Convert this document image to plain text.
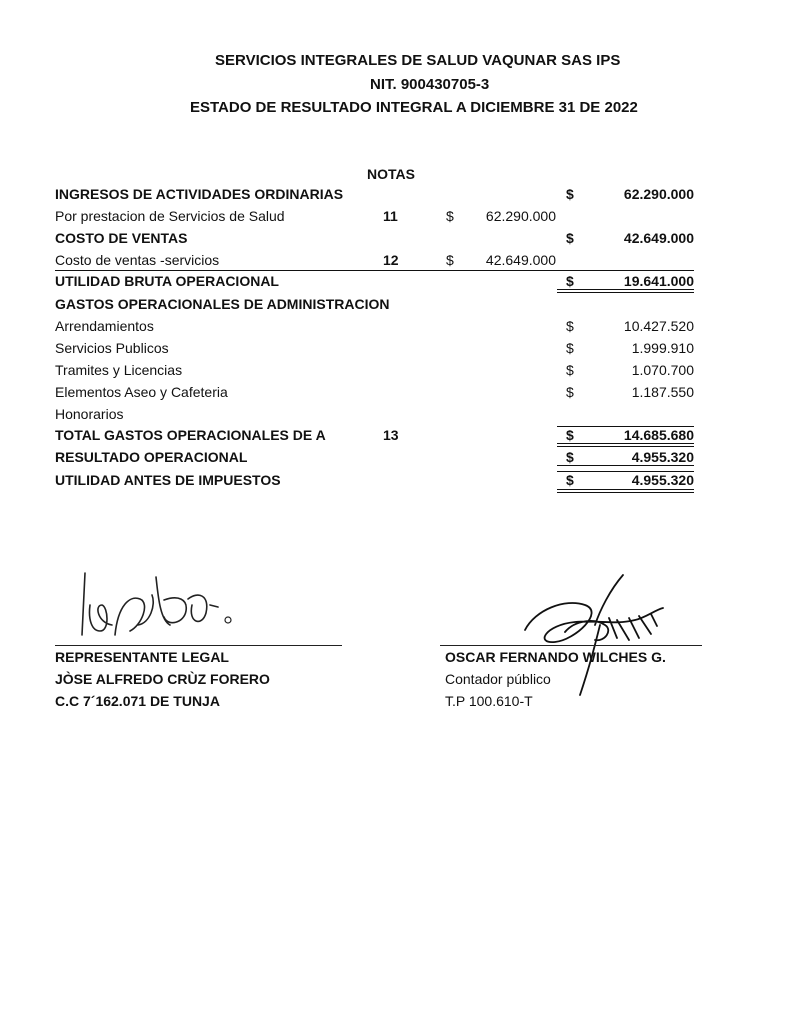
SERVICIOS INTEGRALES DE SALUD VAQUNAR SAS IPS
NIT. 900430705-3
ESTADO DE RESULTADO INTEGRAL A DICIEMBRE 31 DE 2022
NOTAS
INGRESOS DE ACTIVIDADES ORDINARIAS	$	62.290.000
Por prestacion de Servicios de Salud	11	$	62.290.000
COSTO DE VENTAS	$	42.649.000
Costo de ventas -servicios	12	$	42.649.000
UTILIDAD BRUTA OPERACIONAL	$	19.641.000
GASTOS OPERACIONALES DE ADMINISTRACION
Arrendamientos	$	10.427.520
Servicios Publicos	$	1.999.910
Tramites y Licencias	$	1.070.700
Elementos Aseo y Cafeteria	$	1.187.550
Honorarios
TOTAL GASTOS OPERACIONALES DE A	13	$	14.685.680
RESULTADO OPERACIONAL	$	4.955.320
UTILIDAD ANTES DE IMPUESTOS	$	4.955.320
REPRESENTANTE LEGAL
JÒSE ALFREDO CRÙZ FORERO
C.C 7´162.071 DE TUNJA
OSCAR FERNANDO WILCHES G.
Contador público
T.P 100.610-T
